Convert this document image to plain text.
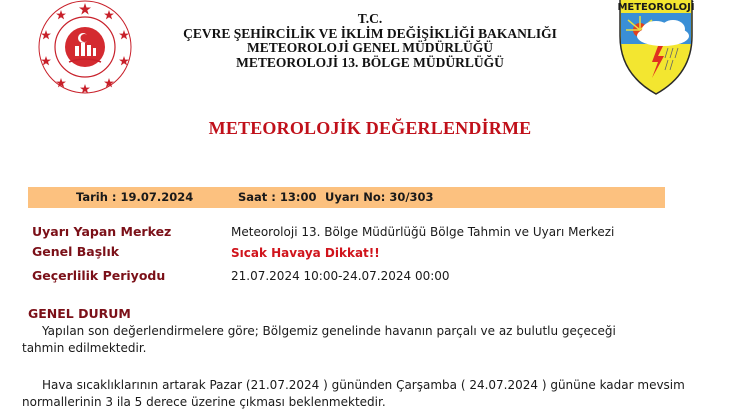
T.C.
ÇEVRE ŞEHİRCİLİK VE İKLİM DEĞİŞİKLİĞİ BAKANLIĞI
METEOROLOJİ GENEL MÜDÜRLÜĞÜ
METEOROLOJİ 13. BÖLGE MÜDÜRLÜĞÜ
METEOROLOJİ
METEOROLOJİK DEĞERLENDİRME
Tarih : 19.07.2024	Saat : 13:00 Uyarı No: 30/303
Uyarı Yapan Merkez	Meteoroloji 13. Bölge Müdürlüğü Bölge Tahmin ve Uyarı Merkezi
Genel Başlık	Sıcak Havaya Dikkat!!
Geçerlilik Periyodu	21.07.2024 10:00-24.07.2024 00:00
GENEL DURUM
Yapılan son değerlendirmelere göre; Bölgemiz genelinde havanın parçalı ve az bulutlu geçeceği
tahmin edilmektedir.
Hava sıcaklıklarının artarak Pazar (21.07.2024 ) gününden Çarşamba ( 24.07.2024 ) gününe kadar mevsim
normallerinin 3 ila 5 derece üzerine çıkması beklenmektedir.
